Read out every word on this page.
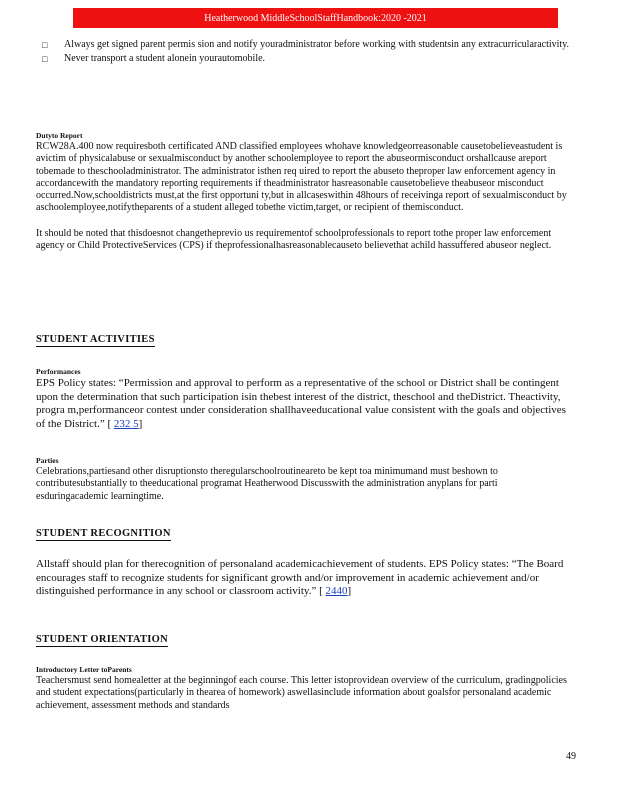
Heatherwood MiddleSchoolStaffHandbook:2020 -2021
□	Always get signed parent permis sion and notify youradministrator before working with studentsin any extracurricularactivity.
□	Never transport a student alonein yourautomobile.
Dutyto Report

RCW28A.400 now requiresboth certificated AND classified employees whohave knowledgeorreasonable causetobelieveastudent is avictim of physicalabuse or sexualmisconduct by another schoolemployee to report the abuseormisconduct orshallcause areport tobemade to theschooladministrator. The administrator isthen req uired to report the abuseto theproper law enforcement agency in accordancewith the mandatory reporting requirements if theadministrator hasreasonable causetobelieve theabuseor misconduct occurred.Now,schooldistricts must,at the first opportuni ty,but in allcaseswithin 48hours of receivinga report of sexualmisconduct by aschoolemployee,notifytheparents of a student alleged tobethe victim,target, or recipient of themisconduct.

It should be noted that thisdoesnot changethepreviо us requirementof schoolprofessionals to report tothe proper law enforcement agency or Child ProtectiveServices (CPS) if theprofessionalhasreasonablecauseto believethat achild hassuffered abuseor neglect.

STUDENT ACTIVITIES
Performances

EPS Policy states: “Permission and approval to perform as a representative of the school or District shall be contingent upon the determination that such participation isin thebest interest of the district, theschool and theDistrict. Theactivity, progra m,performanceor contest under consideration shallhaveeducational value consistent with the goals and objectives of the District.” [ 232 5]

Parties

Celebrations,partiesand other disruptionsto theregularschoolroutineareto be kept toa minimumand must beshown to contributesubstantially to theeducational programat Heatherwood Discusswith the administration anyplans for parti esduringacademic learningtime.

STUDENT RECOGNITION
Allstaff should plan for therecognition of personaland academicachievement of students. EPS Policy states: “The Board encourages staff to recognize students for significant growth and/or improvement in academic achievement and/or distinguished performance in any school or classroom activity.” [ 2440]
STUDENT ORIENTATION
Introductory Letter toParents

Teachersmust send homealetter at the beginningof each course. This letter istoprovidean overview of the curriculum, gradingpolicies and student expectations(particularly in thearea of homework) aswellasinclude information about goalsfor personaland academic achievement, assessment methods and standards

49
